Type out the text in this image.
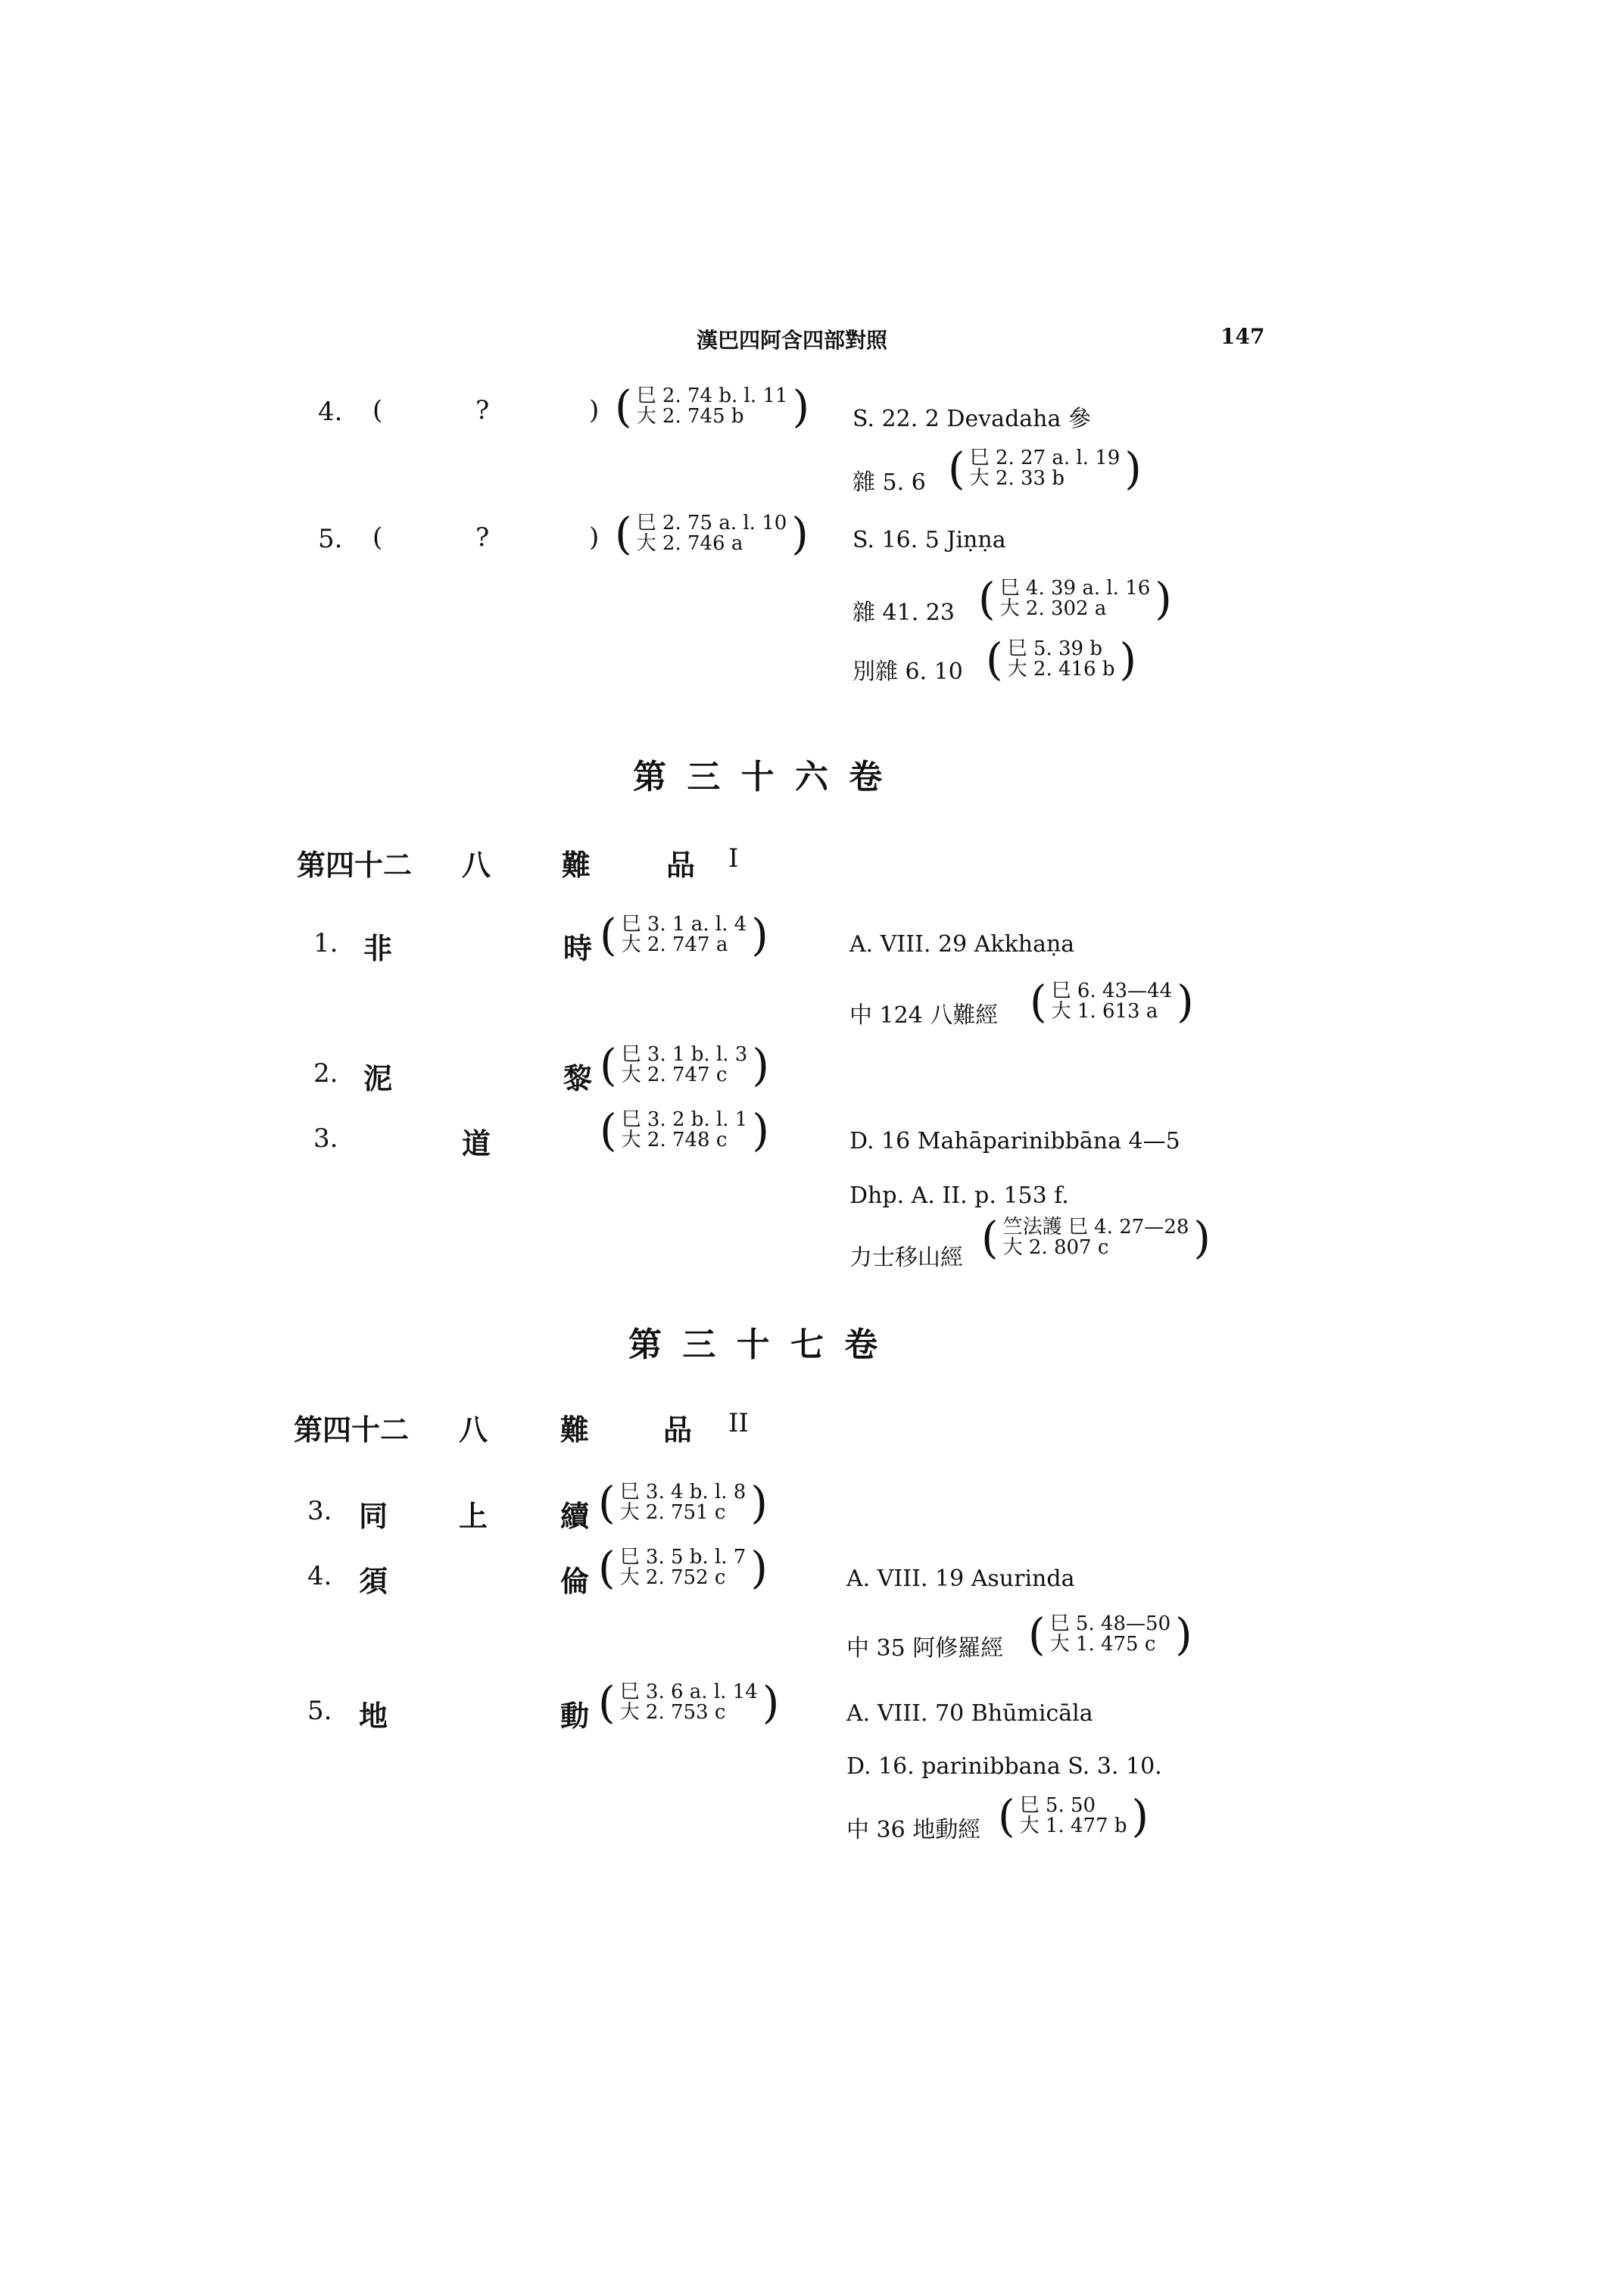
漢巴四阿含四部對照	147
4. (	?	) ( 巳 2. 74 b. l. 11
大 2. 745 b	) S. 22. 2 Devadaha 參
雜 5. 6 ( 巳 2. 27 a. l. 19
大 2. 33 b	)
5. (	?	) ( 巳 2. 75 a. l. 10
大 2. 746 a	) S. 16. 5 Jiṇṇa
雜 41. 23 ( 巳 4. 39 a. l. 16
大 2. 302 a	)
別雜 6. 10 ( 巳 5. 39 b
大 2. 416 b )
第 三 十 六 卷
第四十二 八 難	品 I
1. 非	時 ( 巳 3. 1 a. l. 4
大 2. 747 a )	A. VIII. 29 Akkhaṇa
中 124 八難經 ( 巳 6. 43—44
大 1. 613 a )
2. 泥	黎 ( 巳 3. 1 b. l. 3
大 2. 747 c )
3.	道 ( 巳 3. 2 b. l. 1
大 2. 748 c )	D. 16 Mahāparinibbāna 4—5
Dhp. A. II. p. 153 f.
力士移山經 ( 竺法護 巳 4. 27—28
大 2. 807 c	)
第 三 十 七 卷
第四十二 八	難	品 II
3. 同 上	續 ( 巳 3. 4 b. l. 8
大 2. 751 c )
4. 須	倫 ( 巳 3. 5 b. l. 7
大 2. 752 c )	A. VIII. 19 Asurinda
中 35 阿修羅經 ( 巳 5. 48—50
大 1. 475 c )
5. 地	動 ( 巳 3. 6 a. l. 14
大 2. 753 c )	A. VIII. 70 Bhūmicāla
D. 16. parinibbana S. 3. 10.
中 36 地動經 ( 巳 5. 50
大 1. 477 b )
